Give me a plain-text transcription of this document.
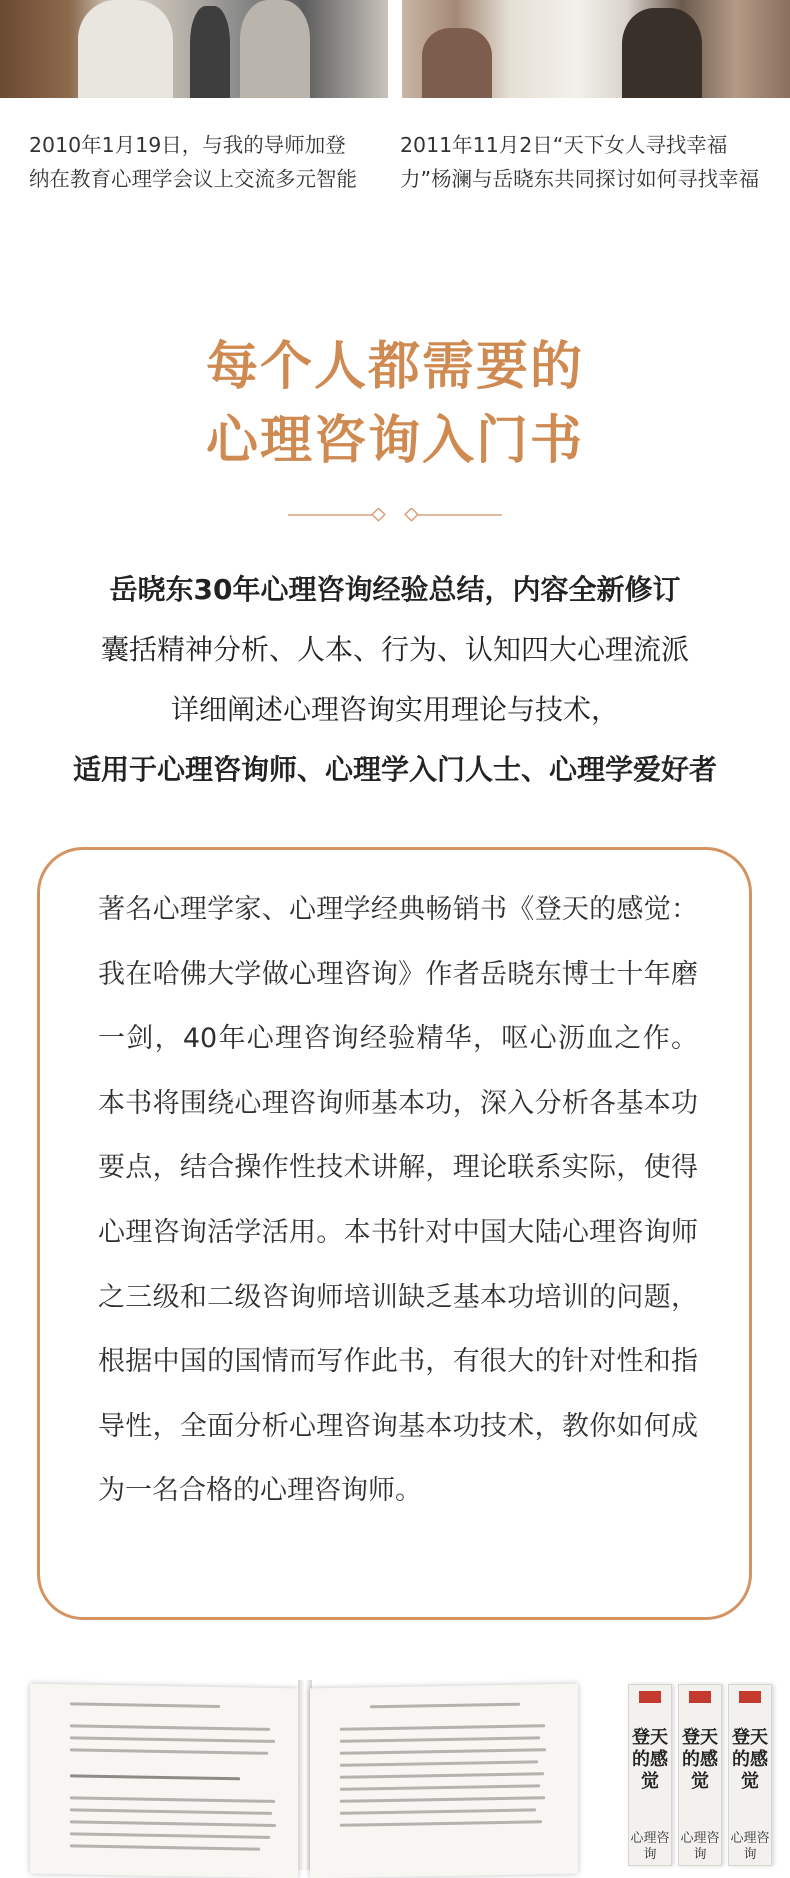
2010年1月19日，与我的导师加登纳在教育心理学会议上交流多元智能
2011年11月2日“天下女人寻找幸福力”杨澜与岳晓东共同探讨如何寻找幸福
每个人都需要的
心理咨询入门书
岳晓东30年心理咨询经验总结，内容全新修订
囊括精神分析、人本、行为、认知四大心理流派
详细阐述心理咨询实用理论与技术，
适用于心理咨询师、心理学入门人士、心理学爱好者
著名心理学家、心理学经典畅销书《登天的感觉：我在哈佛大学做心理咨询》作者岳晓东博士十年磨一剑，40年心理咨询经验精华，呕心沥血之作。本书将围绕心理咨询师基本功，深入分析各基本功要点，结合操作性技术讲解，理论联系实际，使得心理咨询活学活用。本书针对中国大陆心理咨询师之三级和二级咨询师培训缺乏基本功培训的问题，根据中国的国情而写作此书，有很大的针对性和指导性，全面分析心理咨询基本功技术，教你如何成为一名合格的心理咨询师。
登天的感觉
心理咨询
登天的感觉
心理咨询
登天的感觉
心理咨询
